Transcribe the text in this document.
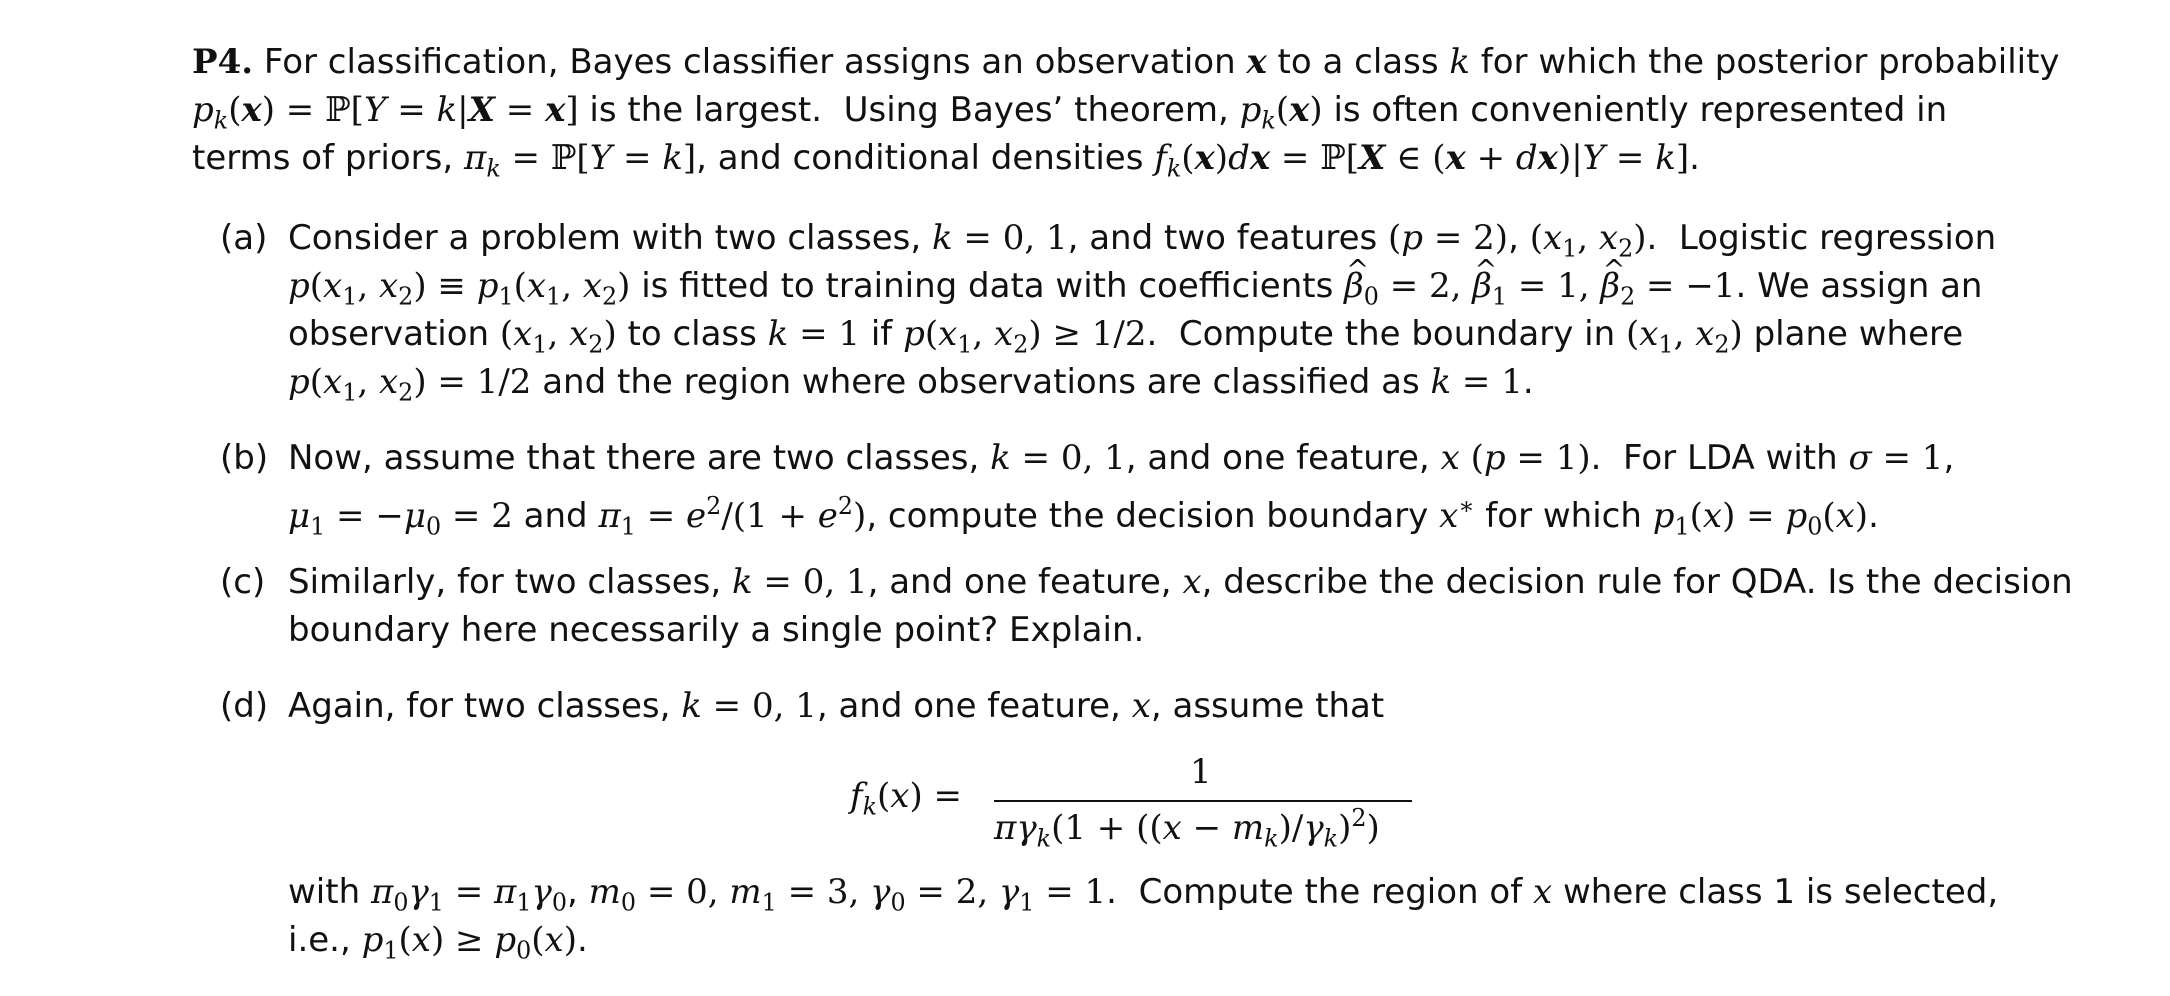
P4. For classification, Bayes classifier assigns an observation x to a class k for which the posterior probability
$p_k(x)$ = ℙ[Y = k|X = x] is the largest.  Using Bayes’ theorem, $p_k(x)$ is often conveniently represented in
terms of priors, $\pi_k$ = ℙ[Y = k], and conditional densities $f_k(x)dx$ = ℙ[X ∈ (x + dx)|Y = k].
(a) Consider a problem with two classes, k = 0, 1, and two features (p = 2), ($x_1$, $x_2$).  Logistic regression
$p(x_1$, $x_2) \equiv p_1(x_1$, $x_2$) is fitted to training data with coefficients β $\^{}_0 = 2$, β $\^{}_1 = 1$, β $\^{}_2 = -1$. We assign an
observation ($x_1$, $x_2$) to class k = 1 if $p(x_1$, $x_2) \ge 1/2$.  Compute the boundary in ($x_1$, $x_2$) plane where
$p(x_1$, $x_2) = 1/2$ and the region where observations are classified as k = 1.
(b) Now, assume that there are two classes, k = 0, 1, and one feature, x (p = 1).  For LDA with σ = 1,
$\mu_1 = -\mu_0 = 2$ and $\pi_1 = e^2/(1 + e^2)$, compute the decision boundary x∗ for which $p_1(x) = p_0(x)$.
(c) Similarly, for two classes, k = 0, 1, and one feature, x, describe the decision rule for QDA. Is the decision
boundary here necessarily a single point? Explain.
(d) Again, for two classes, k = 0, 1, and one feature, x, assume that
$f_k(x)$ =
1
$\pi\gamma_k(1 + ((x - m_k)/\gamma_k)^2)$
with $\pi_0\gamma_1 = \pi_1\gamma_0$, $m_0 = 0$, $m_1 = 3$, $\gamma_0 = 2$, $\gamma_1 = 1$.  Compute the region of x where class 1 is selected,
i.e., $p_1(x) \ge p_0(x)$.
